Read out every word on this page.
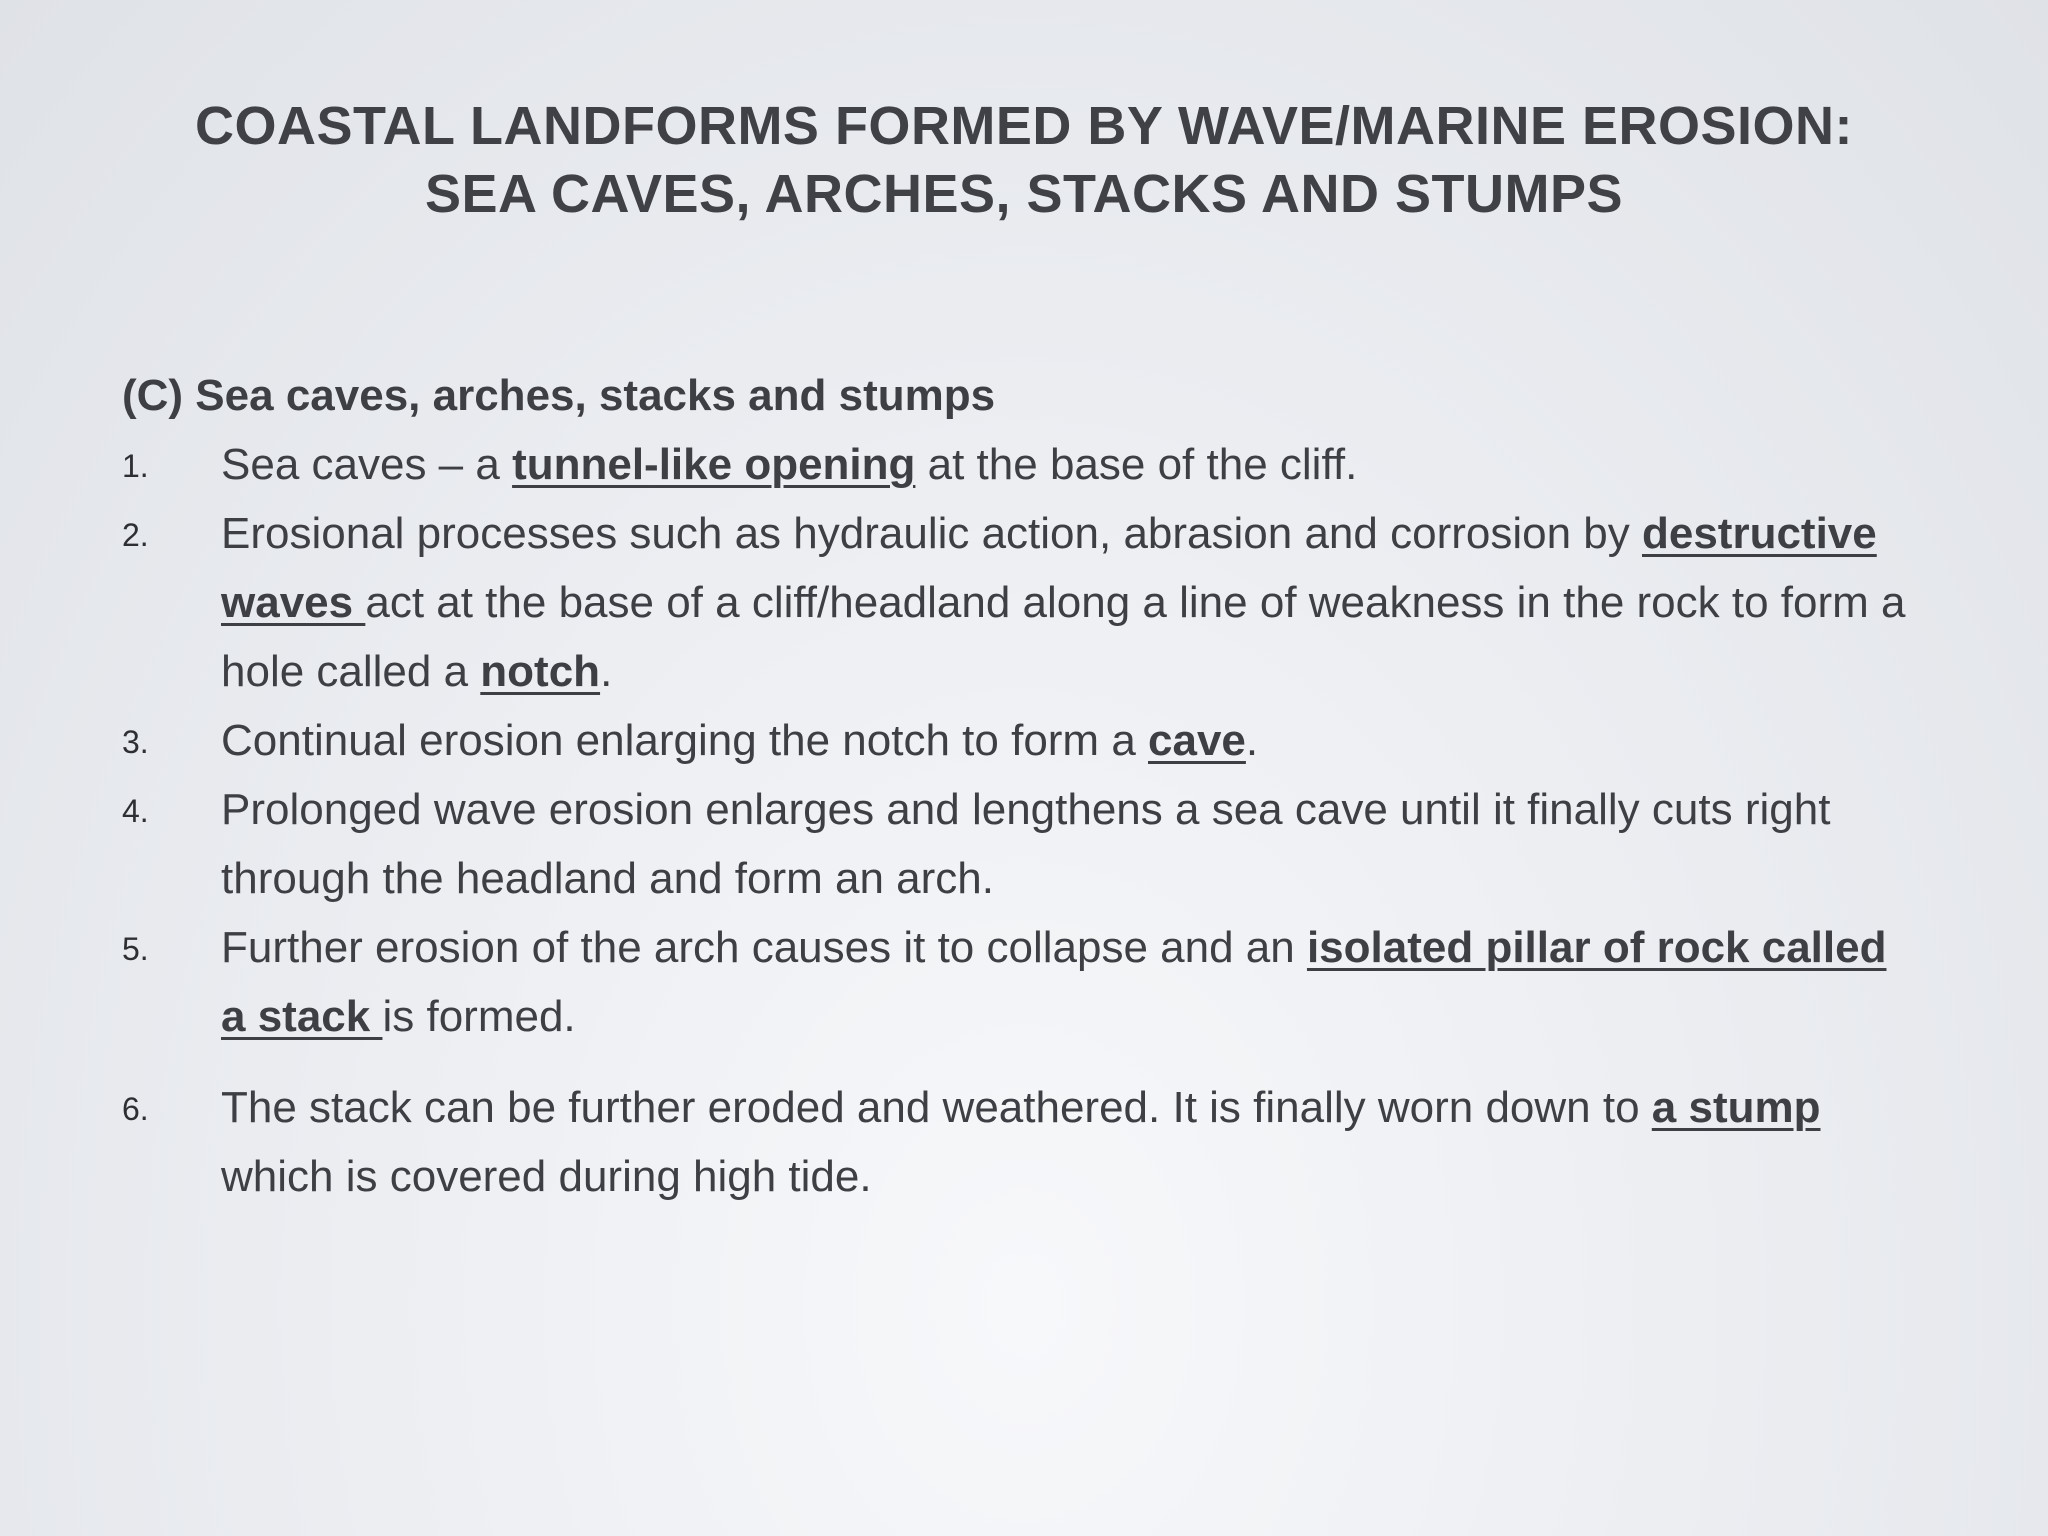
COASTAL LANDFORMS FORMED BY WAVE/MARINE EROSION:
SEA CAVES, ARCHES, STACKS AND STUMPS
(C) Sea caves, arches, stacks and stumps
1. Sea caves – a tunnel-like opening at the base of the cliff.
2. Erosional processes such as hydraulic action, abrasion and corrosion by destructive waves act at the base of a cliff/headland along a line of weakness in the rock to form a hole called a notch.
3. Continual erosion enlarging the notch to form a cave.
4. Prolonged wave erosion enlarges and lengthens a sea cave until it finally cuts right through the headland and form an arch.
5. Further erosion of the arch causes it to collapse and an isolated pillar of rock called a stack is formed.
6. The stack can be further eroded and weathered. It is finally worn down to a stump which is covered during high tide.
